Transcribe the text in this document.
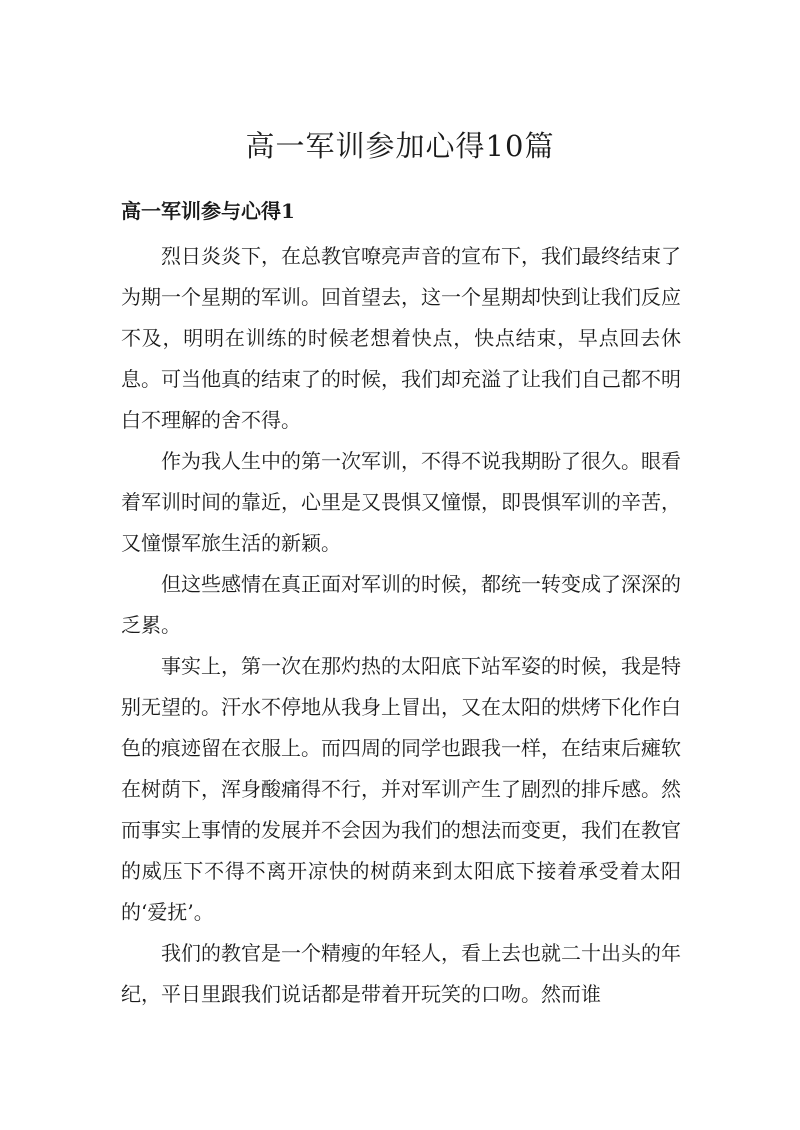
高一军训参加心得10篇
高一军训参与心得1

烈日炎炎下，在总教官嘹亮声音的宣布下，我们最终结束了为期一个星期的军训。回首望去，这一个星期却快到让我们反应不及，明明在训练的时候老想着快点，快点结束，早点回去休息。可当他真的结束了的时候，我们却充溢了让我们自己都不明白不理解的舍不得。

作为我人生中的第一次军训，不得不说我期盼了很久。眼看着军训时间的靠近，心里是又畏惧又憧憬，即畏惧军训的辛苦，又憧憬军旅生活的新颖。

但这些感情在真正面对军训的时候，都统一转变成了深深的乏累。

事实上，第一次在那灼热的太阳底下站军姿的时候，我是特别无望的。汗水不停地从我身上冒出，又在太阳的烘烤下化作白色的痕迹留在衣服上。而四周的同学也跟我一样，在结束后瘫软在树荫下，浑身酸痛得不行，并对军训产生了剧烈的排斥感。然而事实上事情的发展并不会因为我们的想法而变更，我们在教官的威压下不得不离开凉快的树荫来到太阳底下接着承受着太阳的‘爱抚’。

我们的教官是一个精瘦的年轻人，看上去也就二十出头的年纪，平日里跟我们说话都是带着开玩笑的口吻。然而谁
